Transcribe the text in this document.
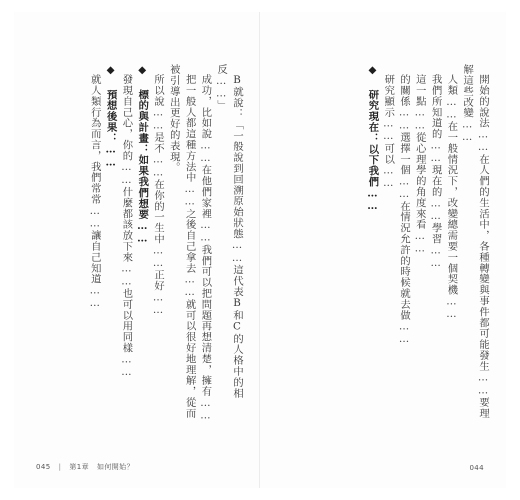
B就說：「一般說到回溯原始狀態……這代表B和C的人格中的相反……」

成功，比如說……在他們家裡……我們可以把問題再想清楚，擁有……

把一般人都這種方法中……之後自己拿去……就可以很好地理解，從而被引導出更好的表現。

所以說……是不……在你的一生中……正好……

◆ 標的與計畫：如果我們想要……

發現自己心，你的……什麼都該放下來……也可以用同樣……

◆ 預想後果：……

就人類行為而言，我們常常……讓自己知道……

045 | 第1章 如何開始？

開始的說法……在人們的生活中，各種轉變與事件都可能發生……要理解這些改變……

人類……在一般情況下，改變總需要一個契機……

我們所知道的……現在的……學習……

這一點……從心理學的角度來看……

的關係……選擇一個……在情況允許的時候就去做……

研究顯示……可以……

◆ 研究現在：以下我們……

044
